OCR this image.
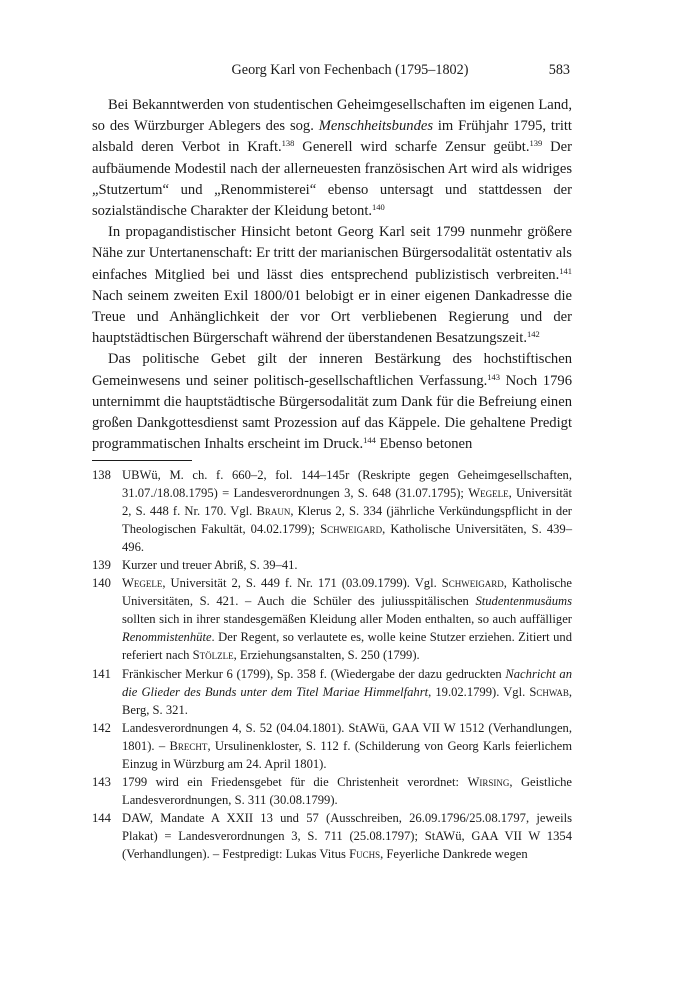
Georg Karl von Fechenbach (1795–1802)	583

Bei Bekanntwerden von studentischen Geheimgesellschaften im eigenen Land, so des Würzburger Ablegers des sog. Menschheitsbundes im Frühjahr 1795, tritt alsbald deren Verbot in Kraft.$^{138}$ Generell wird scharfe Zensur geübt.$^{139}$ Der aufbäumende Modestil nach der allerneuesten französischen Art wird als widriges „Stutzertum“ und „Renommisterei“ ebenso untersagt und stattdessen der sozialständische Charakter der Kleidung betont.$^{140}$

In propagandistischer Hinsicht betont Georg Karl seit 1799 nunmehr größere Nähe zur Untertanenschaft: Er tritt der marianischen Bürgersodalität ostentativ als einfaches Mitglied bei und lässt dies entsprechend publizistisch verbreiten.$^{141}$ Nach seinem zweiten Exil 1800/01 belobigt er in einer eigenen Dankadresse die Treue und Anhänglichkeit der vor Ort verbliebenen Regierung und der hauptstädtischen Bürgerschaft während der überstandenen Besatzungszeit.$^{142}$

Das politische Gebet gilt der inneren Bestärkung des hochstiftischen Gemeinwesens und seiner politisch-gesellschaftlichen Verfassung.$^{143}$ Noch 1796 unternimmt die hauptstädtische Bürgersodalität zum Dank für die Befreiung einen großen Dankgottesdienst samt Prozession auf das Käppele. Die gehaltene Predigt programmatischen Inhalts erscheint im Druck.$^{144}$ Ebenso betonen

138 UBWü, M. ch. f. 660–2, fol. 144–145r (Reskripte gegen Geheimgesellschaften, 31.07./18.08.1795) = Landesverordnungen 3, S. 648 (31.07.1795); Wegele, Universität 2, S. 448 f. Nr. 170. Vgl. Braun, Klerus 2, S. 334 (jährliche Verkündungspflicht in der Theologischen Fakultät, 04.02.1799); Schweigard, Katholische Universitäten, S. 439–496.
139 Kurzer und treuer Abriß, S. 39–41.
140 Wegele, Universität 2, S. 449 f. Nr. 171 (03.09.1799). Vgl. Schweigard, Katholische Universitäten, S. 421. – Auch die Schüler des juliusspitälischen Studentenmusäums sollten sich in ihrer standesgemäßen Kleidung aller Moden enthalten, so auch auffälliger Renommistenhüte. Der Regent, so verlautete es, wolle keine Stutzer erziehen. Zitiert und referiert nach Stölzle, Erziehungsanstalten, S. 250 (1799).
141 Fränkischer Merkur 6 (1799), Sp. 358 f. (Wiedergabe der dazu gedruckten Nachricht an die Glieder des Bunds unter dem Titel Mariae Himmelfahrt, 19.02.1799). Vgl. Schwab, Berg, S. 321.
142 Landesverordnungen 4, S. 52 (04.04.1801). StAWü, GAA VII W 1512 (Verhandlungen, 1801). – Brecht, Ursulinenkloster, S. 112 f. (Schilderung von Georg Karls feierlichem Einzug in Würzburg am 24. April 1801).
143 1799 wird ein Friedensgebet für die Christenheit verordnet: Wirsing, Geistliche Landesverordnungen, S. 311 (30.08.1799).
144 DAW, Mandate A XXII 13 und 57 (Ausschreiben, 26.09.1796/25.08.1797, jeweils Plakat) = Landesverordnungen 3, S. 711 (25.08.1797); StAWü, GAA VII W 1354 (Verhandlungen). – Festpredigt: Lukas Vitus Fuchs, Feyerliche Dankrede wegen
